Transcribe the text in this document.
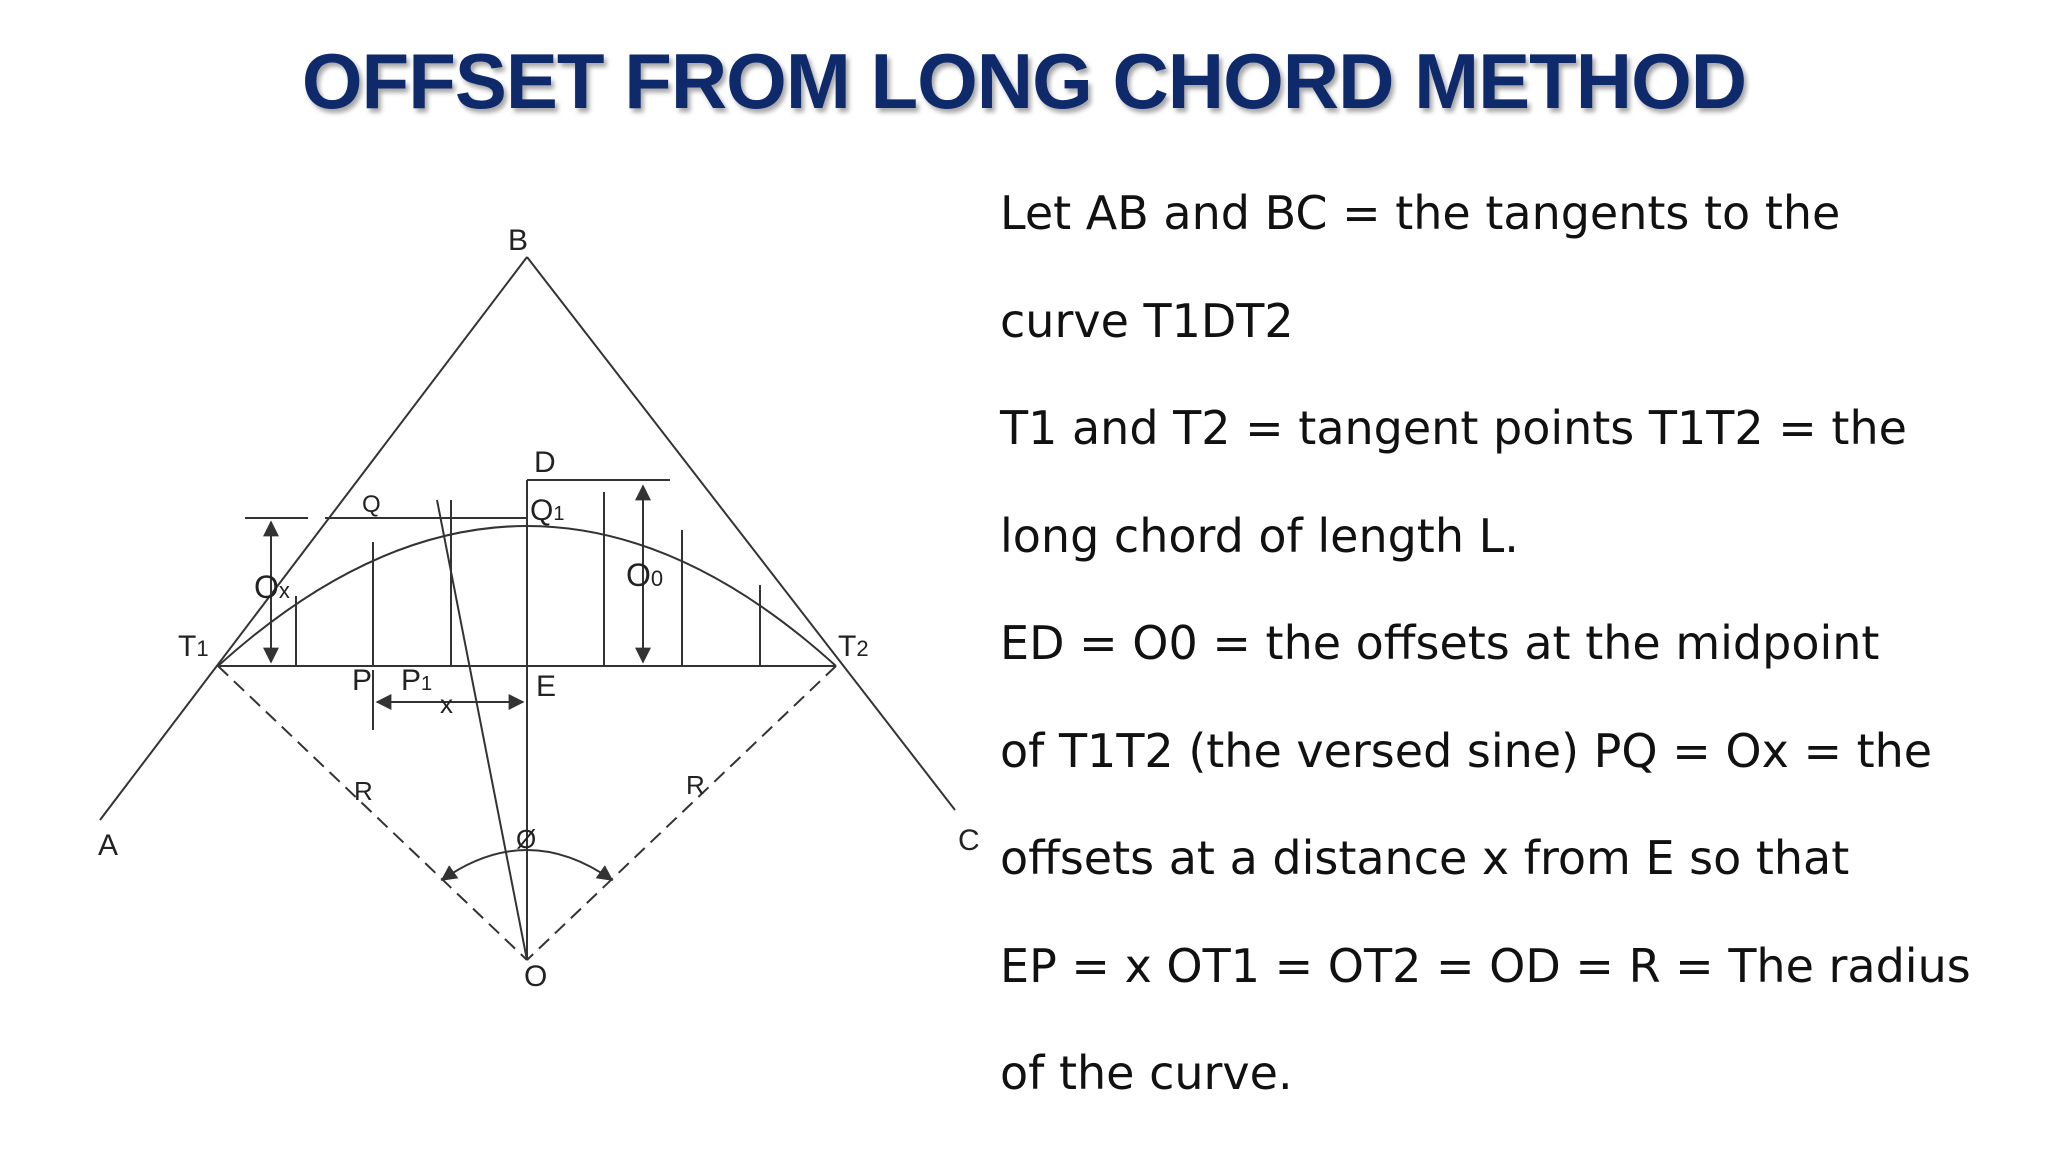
OFFSET FROM LONG CHORD METHOD
B
A	C
D
Q	Q1
Ox	O0
T1	T2
P P1	E
x
R	R
Ø
O

Let AB and BC = the tangents to the

curve T1DT2

T1 and T2 = tangent points T1T2 = the

long chord of length L.

ED = O0 = the offsets at the midpoint

of T1T2 (the versed sine) PQ = Ox = the

offsets at a distance x from E so that

EP = x OT1 = OT2 = OD = R = The radius

of the curve.
